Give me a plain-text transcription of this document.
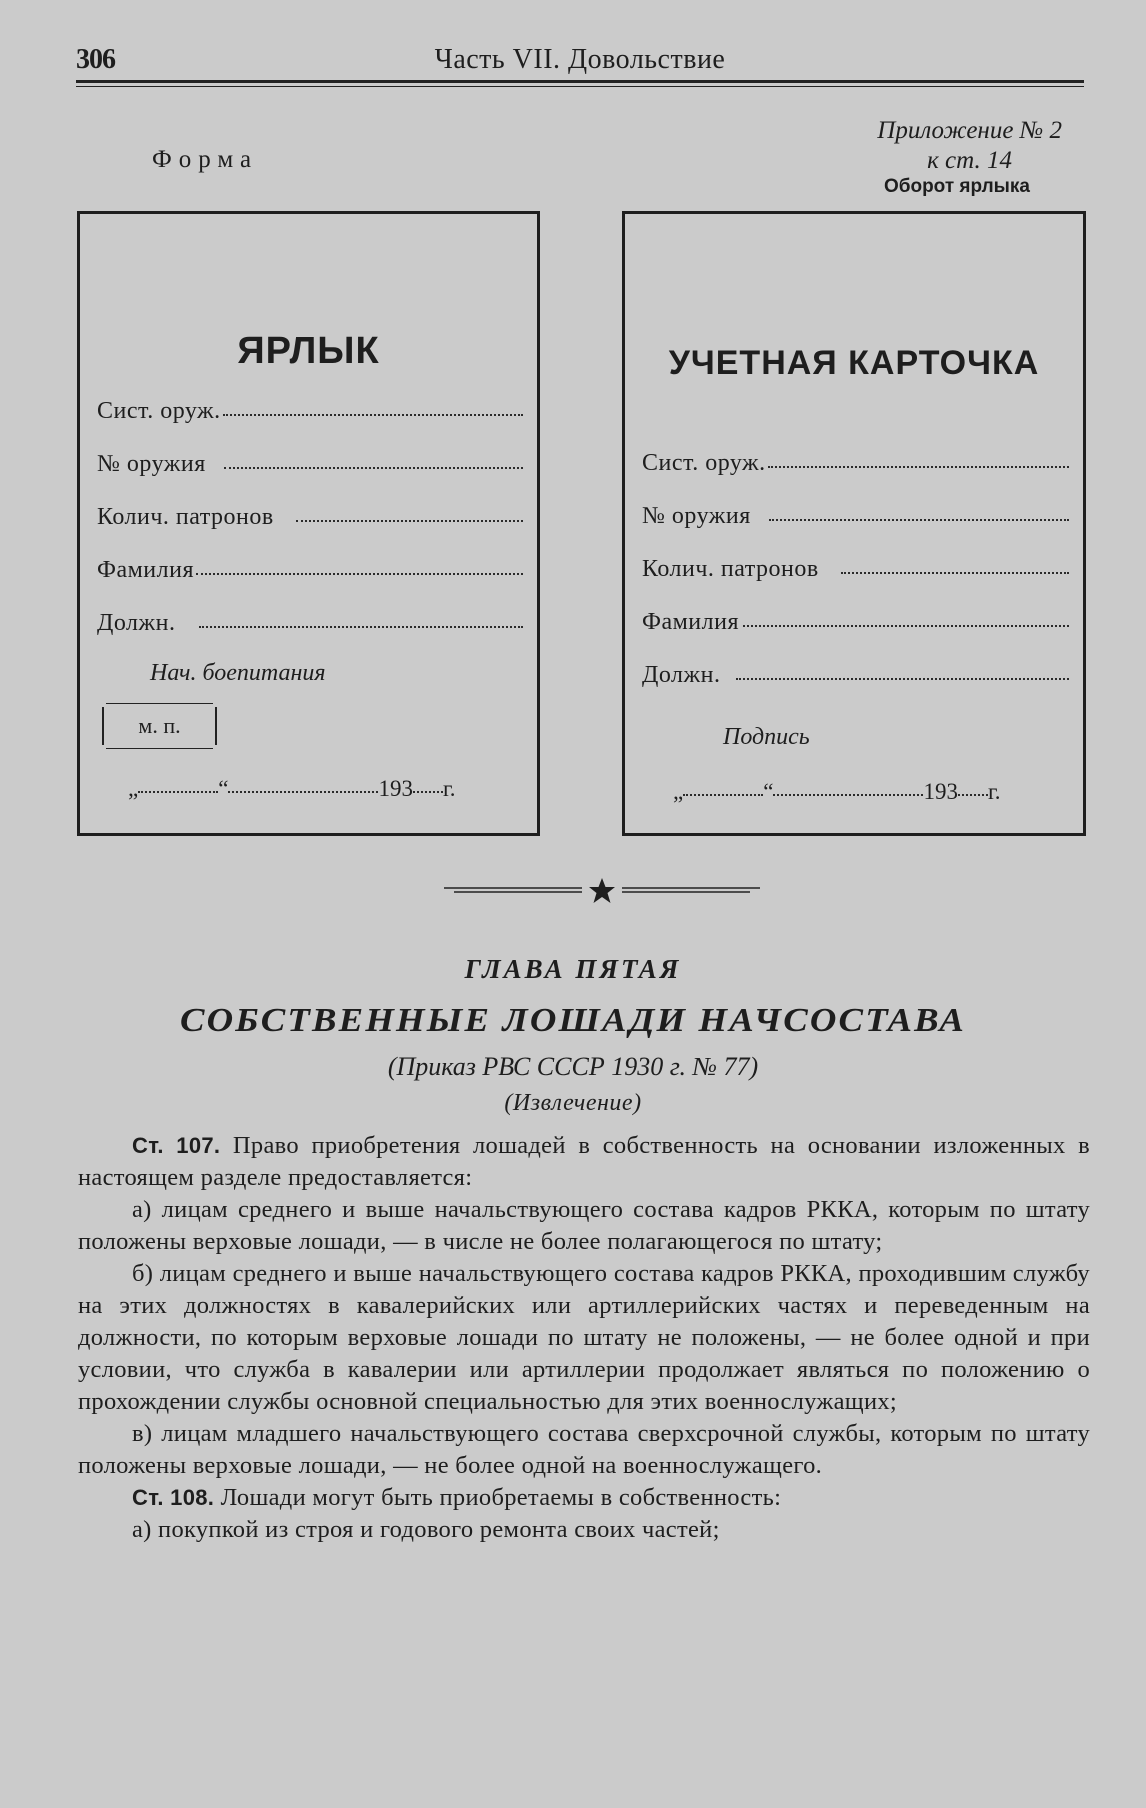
306	Часть VII. Довольствие
Форма
Приложение № 2
к ст. 14
Оборот ярлыка
ЯРЛЫК
Сист. оруж.
№ оружия
Колич. патронов
Фамилия
Должн.
Нач. боепитания
м. п.
„	“	193 г.
УЧЕТНАЯ КАРТОЧКА
Сист. оруж.
№ оружия
Колич. патронов
Фамилия
Должн.
Подпись
„	“	193 г.
ГЛАВА ПЯТАЯ
СОБСТВЕННЫЕ ЛОШАДИ НАЧСОСТАВА
(Приказ РВС СССР 1930 г. № 77)
(Извлечение)

Ст. 107. Право приобретения лошадей в собственность на основании изложенных в настоящем разделе предоставляется:

а) лицам среднего и выше начальствующего состава кадров РККА, которым по штату положены верховые лошади, — в числе не более полагающегося по штату;

б) лицам среднего и выше начальствующего состава кадров РККА, проходившим службу на этих должностях в кавалерийских или артиллерийских частях и переведенным на должности, по которым верховые лошади по штату не положены, — не более одной и при условии, что служба в кавалерии или артиллерии продолжает являться по положению о прохождении службы основной специальностью для этих военнослужащих;

в) лицам младшего начальствующего состава сверхсрочной службы, которым по штату положены верховые лошади, — не более одной на военнослужащего.

Ст. 108. Лошади могут быть приобретаемы в собственность:

а) покупкой из строя и годового ремонта своих частей;
